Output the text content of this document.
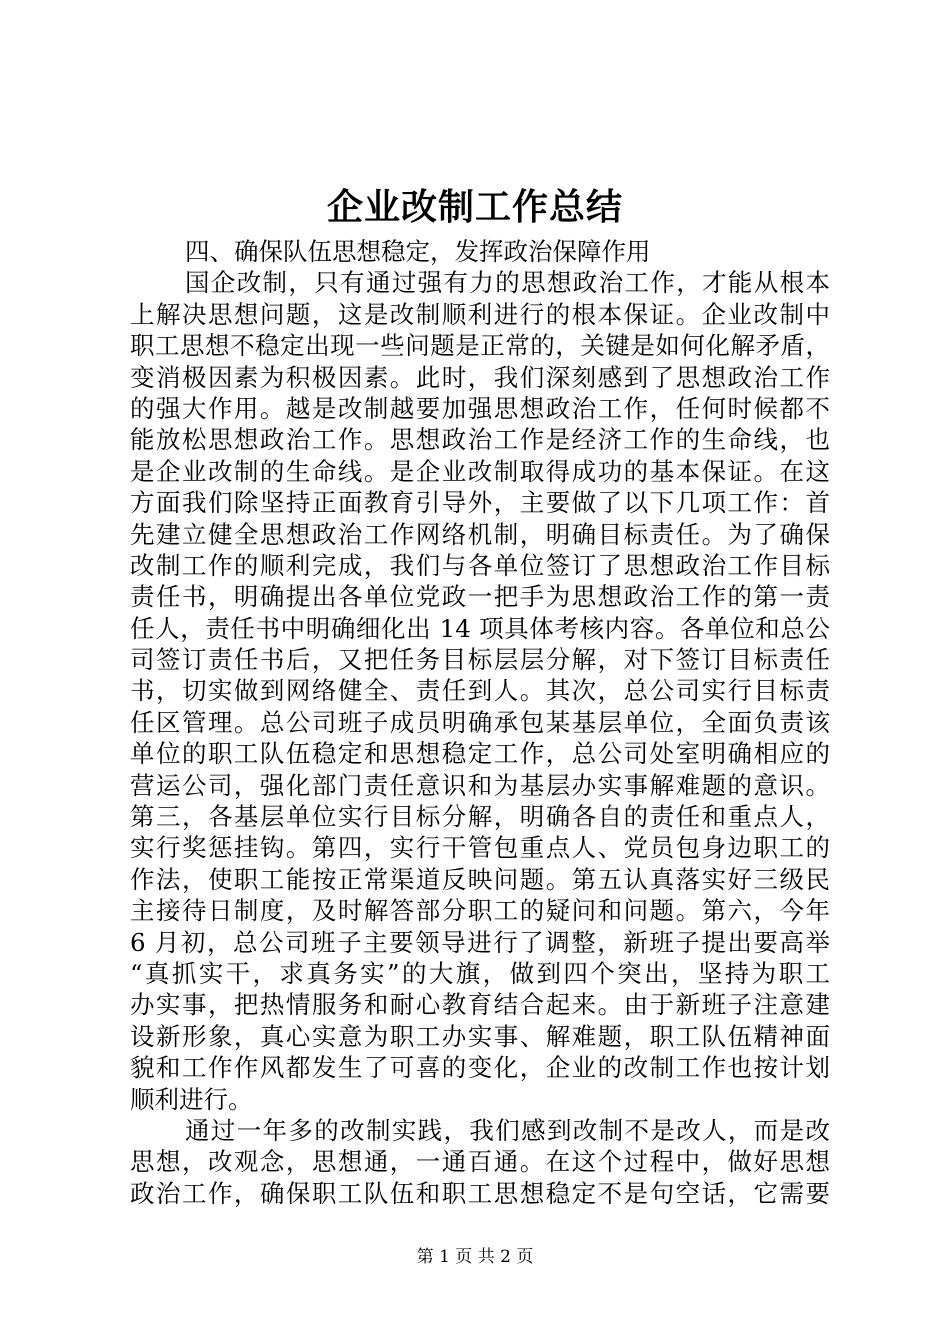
企业改制工作总结
四、确保队伍思想稳定，发挥政治保障作用
国企改制，只有通过强有力的思想政治工作，才能从根本
上解决思想问题，这是改制顺利进行的根本保证。企业改制中
职工思想不稳定出现一些问题是正常的，关键是如何化解矛盾，
变消极因素为积极因素。此时，我们深刻感到了思想政治工作
的强大作用。越是改制越要加强思想政治工作，任何时候都不
能放松思想政治工作。思想政治工作是经济工作的生命线，也
是企业改制的生命线。是企业改制取得成功的基本保证。在这
方面我们除坚持正面教育引导外，主要做了以下几项工作：首
先建立健全思想政治工作网络机制，明确目标责任。为了确保
改制工作的顺利完成，我们与各单位签订了思想政治工作目标
责任书，明确提出各单位党政一把手为思想政治工作的第一责
任人，责任书中明确细化出 14 项具体考核内容。各单位和总公
司签订责任书后，又把任务目标层层分解，对下签订目标责任
书，切实做到网络健全、责任到人。其次，总公司实行目标责
任区管理。总公司班子成员明确承包某基层单位，全面负责该
单位的职工队伍稳定和思想稳定工作，总公司处室明确相应的
营运公司，强化部门责任意识和为基层办实事解难题的意识。
第三，各基层单位实行目标分解，明确各自的责任和重点人，
实行奖惩挂钩。第四，实行干管包重点人、党员包身边职工的
作法，使职工能按正常渠道反映问题。第五认真落实好三级民
主接待日制度，及时解答部分职工的疑问和问题。第六，今年
6 月初，总公司班子主要领导进行了调整，新班子提出要高举
“真抓实干，求真务实”的大旗，做到四个突出，坚持为职工
办实事，把热情服务和耐心教育结合起来。由于新班子注意建
设新形象，真心实意为职工办实事、解难题，职工队伍精神面
貌和工作作风都发生了可喜的变化，企业的改制工作也按计划
顺利进行。
通过一年多的改制实践，我们感到改制不是改人，而是改
思想，改观念，思想通，一通百通。在这个过程中，做好思想
政治工作，确保职工队伍和职工思想稳定不是句空话，它需要
第 1 页 共 2 页
